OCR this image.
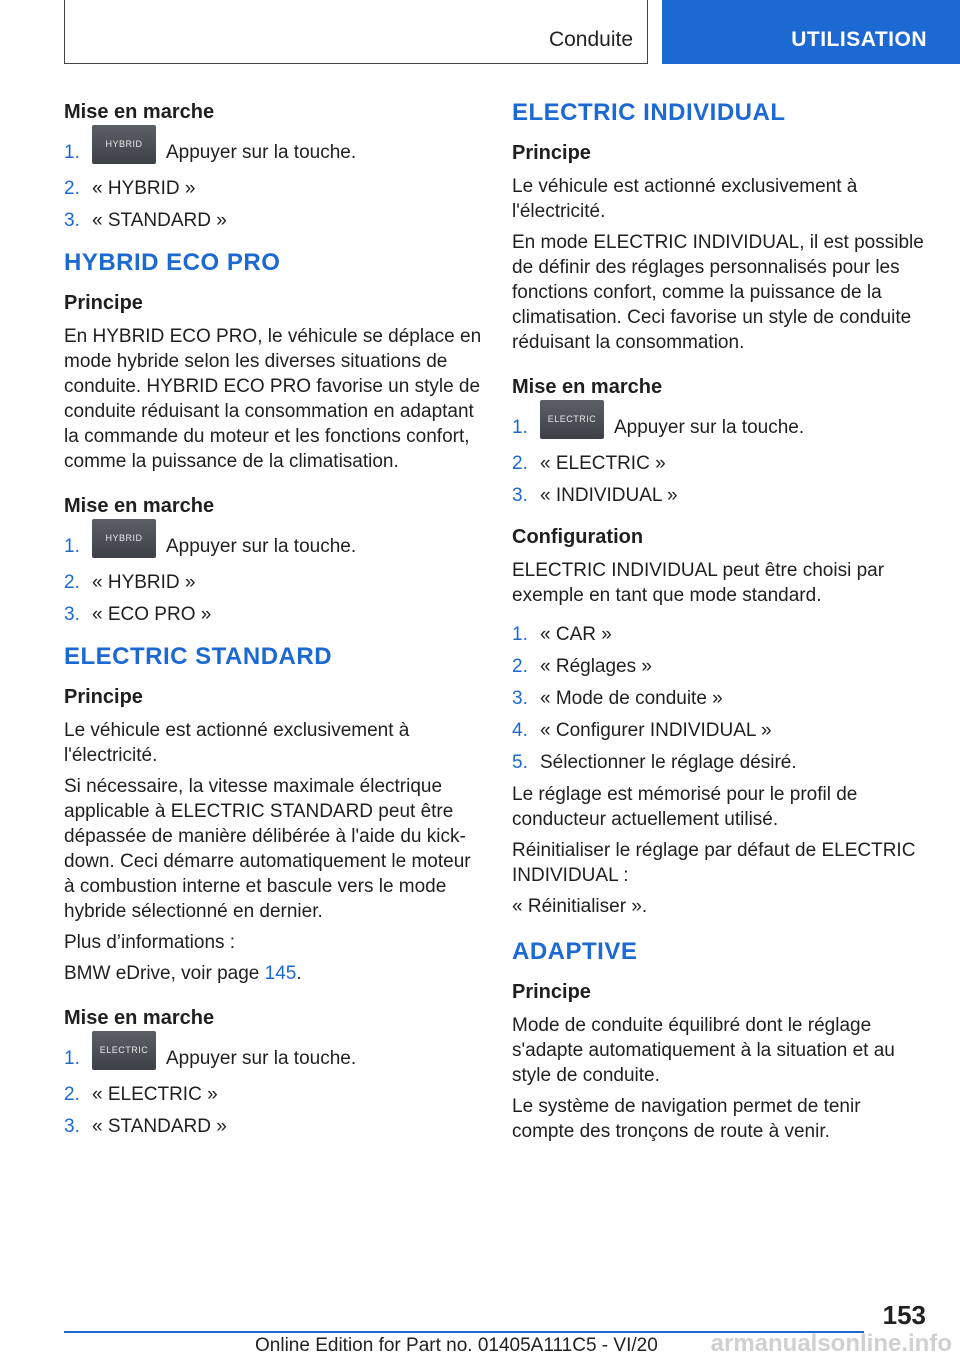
Conduite	UTILISATION
Mise en marche
1.	HYBRID	Appuyer sur la touche.
2. « HYBRID »
3. « STANDARD »
HYBRID ECO PRO
Principe

En HYBRID ECO PRO, le véhicule se déplace en mode hybride selon les diverses situations de conduite. HYBRID ECO PRO favorise un style de conduite réduisant la consommation en adaptant la commande du moteur et les fonctions confort, comme la puissance de la climatisation.

Mise en marche
1.	HYBRID	Appuyer sur la touche.
2. « HYBRID »
3. « ECO PRO »
ELECTRIC STANDARD
Principe

Le véhicule est actionné exclusivement à l'électricité.

Si nécessaire, la vitesse maximale électrique applicable à ELECTRIC STANDARD peut être dépassée de manière délibérée à l'aide du kick-down. Ceci démarre automatiquement le moteur à combustion interne et bascule vers le mode hybride sélectionné en dernier.

Plus d’informations :

BMW eDrive, voir page 145.

Mise en marche
1.	ELECTRIC Appuyer sur la touche.
2. « ELECTRIC »
3. « STANDARD »
ELECTRIC INDIVIDUAL
Principe

Le véhicule est actionné exclusivement à l'électricité.

En mode ELECTRIC INDIVIDUAL, il est possible de définir des réglages personnalisés pour les fonctions confort, comme la puissance de la climatisation. Ceci favorise un style de conduite réduisant la consommation.

Mise en marche
1.	ELECTRIC Appuyer sur la touche.
2. « ELECTRIC »
3. « INDIVIDUAL »
Configuration

ELECTRIC INDIVIDUAL peut être choisi par exemple en tant que mode standard.

1. « CAR »
2. « Réglages »
3. « Mode de conduite »
4. « Configurer INDIVIDUAL »
5. Sélectionner le réglage désiré.

Le réglage est mémorisé pour le profil de conducteur actuellement utilisé.

Réinitialiser le réglage par défaut de ELECTRIC INDIVIDUAL :

« Réinitialiser ».

ADAPTIVE
Principe

Mode de conduite équilibré dont le réglage s'adapte automatiquement à la situation et au style de conduite.

Le système de navigation permet de tenir compte des tronçons de route à venir.

153
Online Edition for Part no. 01405A111C5 - VI/20 armanualsonline.info
